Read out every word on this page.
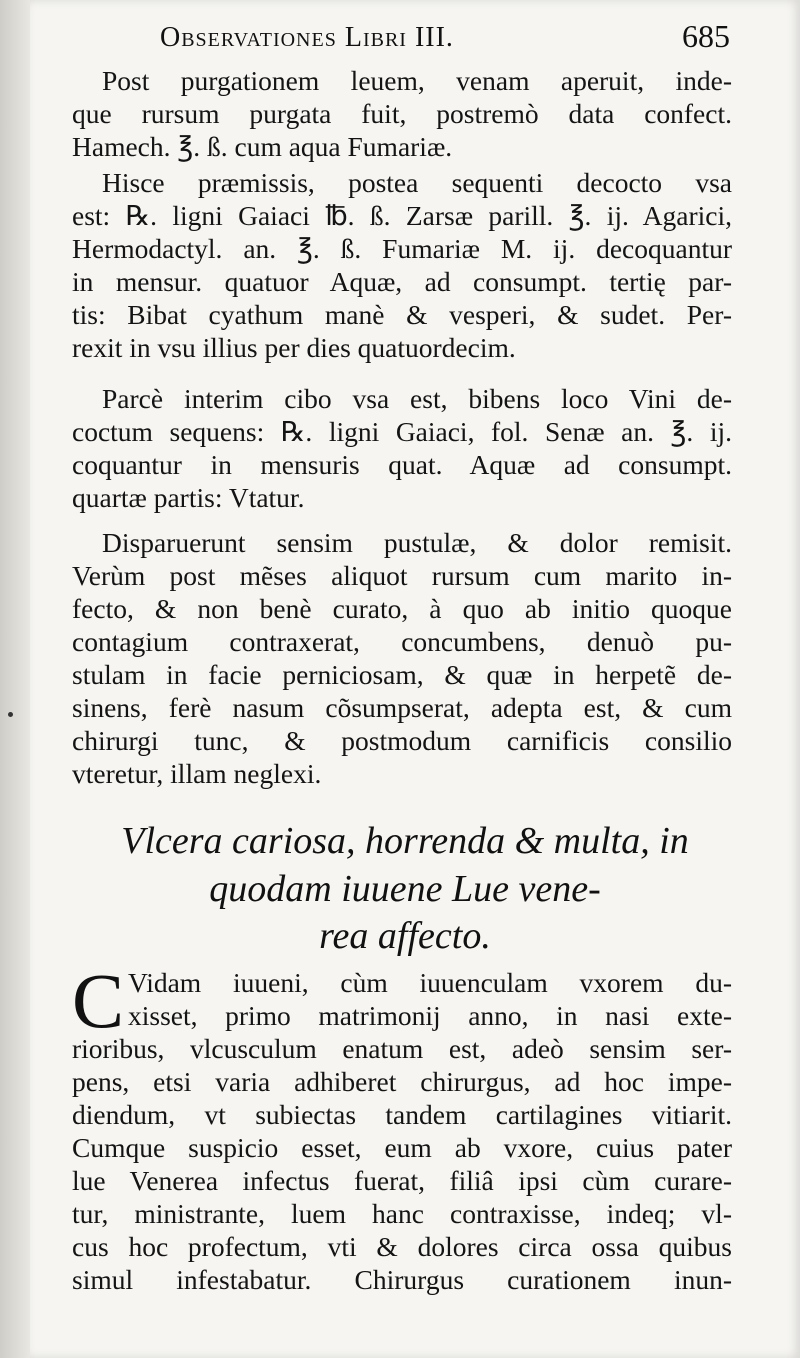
Observationes Libri III.	685
Post purgationem leuem, venam aperuit, inde-
que rursum purgata fuit, postremò data confect.
Hamech. ℥. ß. cum aqua Fumariæ.
Hisce præmissis, postea sequenti decocto vsa
est: ℞. ligni Gaiaci ℔. ß. Zarsæ parill. ℥. ij. Agarici,
Hermodactyl. an. ℥. ß. Fumariæ M. ij. decoquantur
in mensur. quatuor Aquæ, ad consumpt. tertię par-
tis: Bibat cyathum manè & vesperi, & sudet. Per-
rexit in vsu illius per dies quatuordecim.
Parcè interim cibo vsa est, bibens loco Vini de-
coctum sequens: ℞. ligni Gaiaci, fol. Senæ an. ℥. ij.
coquantur in mensuris quat. Aquæ ad consumpt.
quartæ partis: Vtatur.
Disparuerunt sensim pustulæ, & dolor remisit.
Verùm post mẽses aliquot rursum cum marito in-
fecto, & non benè curato, à quo ab initio quoque
contagium contraxerat, concumbens, denuò pu-
stulam in facie perniciosam, & quæ in herpetẽ de-
sinens, ferè nasum cõsumpserat, adepta est, & cum
chirurgi tunc, & postmodum carnificis consilio
vteretur, illam neglexi.
Vlcera cariosa, horrenda & multa, in
quodam iuuene Lue vene-
rea affecto.
C Vidam iuueni, cùm iuuenculam vxorem du-
xisset, primo matrimonij anno, in nasi exte-
rioribus, vlcusculum enatum est, adeò sensim ser-
pens, etsi varia adhiberet chirurgus, ad hoc impe-
diendum, vt subiectas tandem cartilagines vitiarit.
Cumque suspicio esset, eum ab vxore, cuius pater
lue Venerea infectus fuerat, filiâ ipsi cùm curare-
tur, ministrante, luem hanc contraxisse, indeq; vl-
cus hoc profectum, vti & dolores circa ossa quibus
simul infestabatur. Chirurgus curationem inun-
